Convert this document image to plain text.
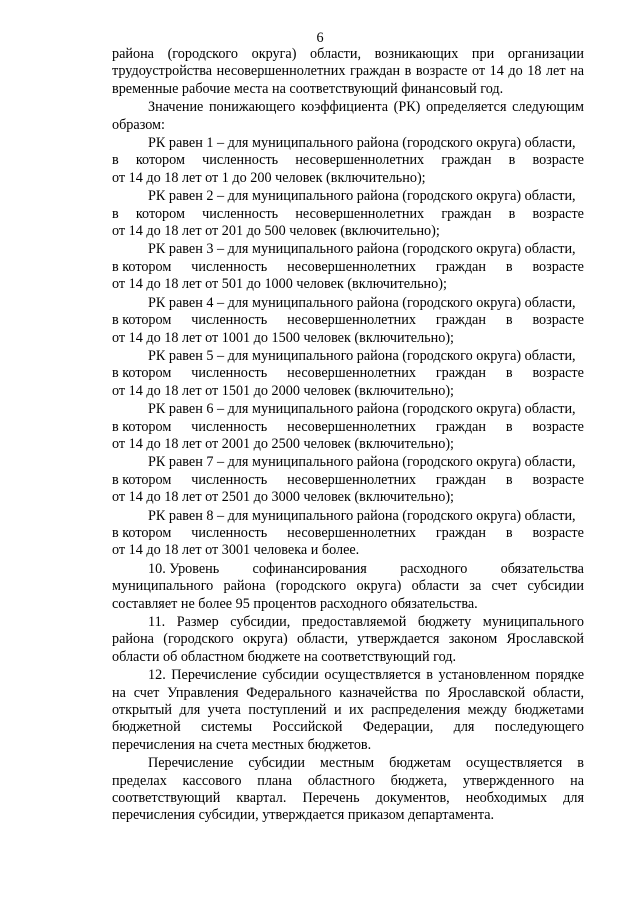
6

района (городского округа) области, возникающих при организации трудоустройства несовершеннолетних граждан в возрасте от 14 до 18 лет на временные рабочие места на соответствующий финансовый год.

Значение понижающего коэффициента (РК) определяется следующим образом:

РК равен 1 – для муниципального района (городского округа) области,
в котором численность несовершеннолетних граждан в возрасте
от 14 до 18 лет от 1 до 200 человек (включительно);
РК равен 2 – для муниципального района (городского округа) области,
в котором численность несовершеннолетних граждан в возрасте
от 14 до 18 лет от 201 до 500 человек (включительно);
РК равен 3 – для муниципального района (городского округа) области,
в котором численность несовершеннолетних граждан в возрасте
от 14 до 18 лет от 501 до 1000 человек (включительно);
РК равен 4 – для муниципального района (городского округа) области,
в котором численность несовершеннолетних граждан в возрасте
от 14 до 18 лет от 1001 до 1500 человек (включительно);
РК равен 5 – для муниципального района (городского округа) области,
в котором численность несовершеннолетних граждан в возрасте
от 14 до 18 лет от 1501 до 2000 человек (включительно);
РК равен 6 – для муниципального района (городского округа) области,
в котором численность несовершеннолетних граждан в возрасте
от 14 до 18 лет от 2001 до 2500 человек (включительно);
РК равен 7 – для муниципального района (городского округа) области,
в котором численность несовершеннолетних граждан в возрасте
от 14 до 18 лет от 2501 до 3000 человек (включительно);
РК равен 8 – для муниципального района (городского округа) области,
в котором численность несовершеннолетних граждан в возрасте
от 14 до 18 лет от 3001 человека и более.
10. Уровень софинансирования расходного обязательства
муниципального района (городского округа) области за счет субсидии составляет не более 95 процентов расходного обязательства.

11. Размер субсидии, предоставляемой бюджету муниципального района (городского округа) области, утверждается законом Ярославской области об областном бюджете на соответствующий год.

12. Перечисление субсидии осуществляется в установленном порядке на счет Управления Федерального казначейства по Ярославской области, открытый для учета поступлений и их распределения между бюджетами бюджетной системы Российской Федерации, для последующего перечисления на счета местных бюджетов.

Перечисление субсидии местным бюджетам осуществляется в пределах кассового плана областного бюджета, утвержденного на соответствующий квартал. Перечень документов, необходимых для перечисления субсидии, утверждается приказом департамента.
